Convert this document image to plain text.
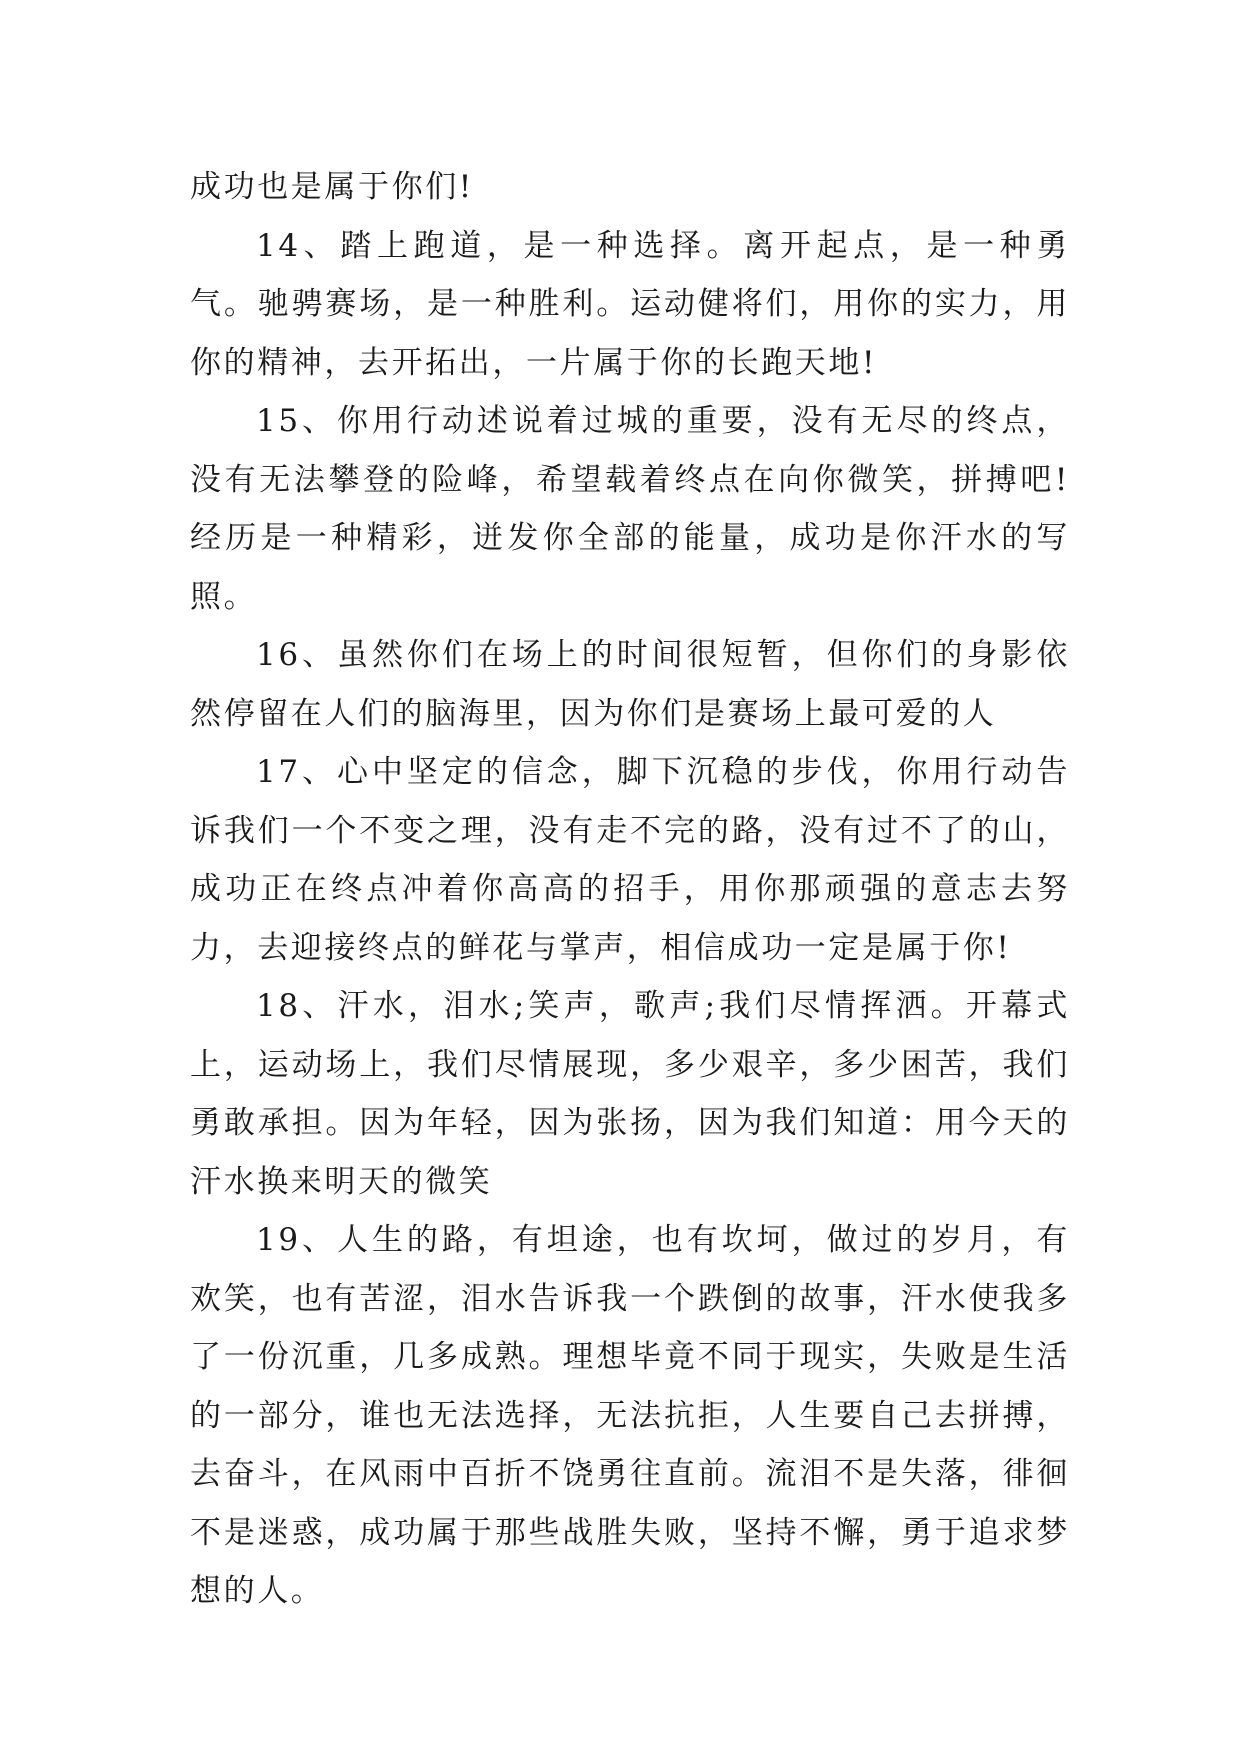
成功也是属于你们!

14、踏上跑道，是一种选择。离开起点，是一种勇气。驰骋赛场，是一种胜利。运动健将们，用你的实力，用你的精神，去开拓出，一片属于你的长跑天地!

15、你用行动述说着过城的重要，没有无尽的终点，没有无法攀登的险峰，希望载着终点在向你微笑，拼搏吧!经历是一种精彩，迸发你全部的能量，成功是你汗水的写照。

16、虽然你们在场上的时间很短暂，但你们的身影依然停留在人们的脑海里，因为你们是赛场上最可爱的人

17、心中坚定的信念，脚下沉稳的步伐，你用行动告诉我们一个不变之理，没有走不完的路，没有过不了的山，成功正在终点冲着你高高的招手，用你那顽强的意志去努力，去迎接终点的鲜花与掌声，相信成功一定是属于你!

18、汗水，泪水;笑声，歌声;我们尽情挥洒。开幕式上，运动场上，我们尽情展现，多少艰辛，多少困苦，我们勇敢承担。因为年轻，因为张扬，因为我们知道：用今天的汗水换来明天的微笑

19、人生的路，有坦途，也有坎坷，做过的岁月，有欢笑，也有苦涩，泪水告诉我一个跌倒的故事，汗水使我多了一份沉重，几多成熟。理想毕竟不同于现实，失败是生活的一部分，谁也无法选择，无法抗拒，人生要自己去拼搏，去奋斗，在风雨中百折不饶勇往直前。流泪不是失落，徘徊不是迷惑，成功属于那些战胜失败，坚持不懈，勇于追求梦想的人。
